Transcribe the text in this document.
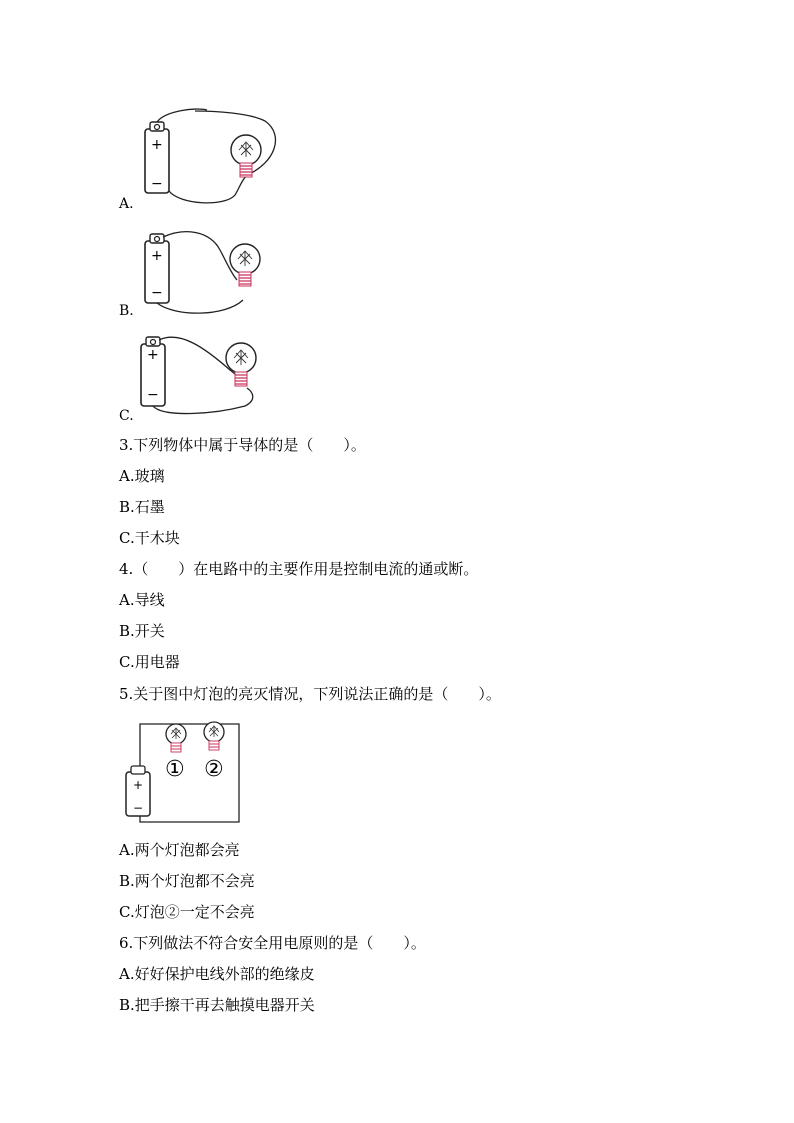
+
−
A.
+
−
B.
+
−
C.
3.下列物体中属于导体的是（　　）。
A.玻璃
B.石墨
C.干木块
4.（　　）在电路中的主要作用是控制电流的通或断。
A.导线
B.开关
C.用电器
5.关于图中灯泡的亮灭情况，下列说法正确的是（　　）。
+
−
① ②
A.两个灯泡都会亮
B.两个灯泡都不会亮
C.灯泡②一定不会亮
6.下列做法不符合安全用电原则的是（　　）。
A.好好保护电线外部的绝缘皮
B.把手擦干再去触摸电器开关
